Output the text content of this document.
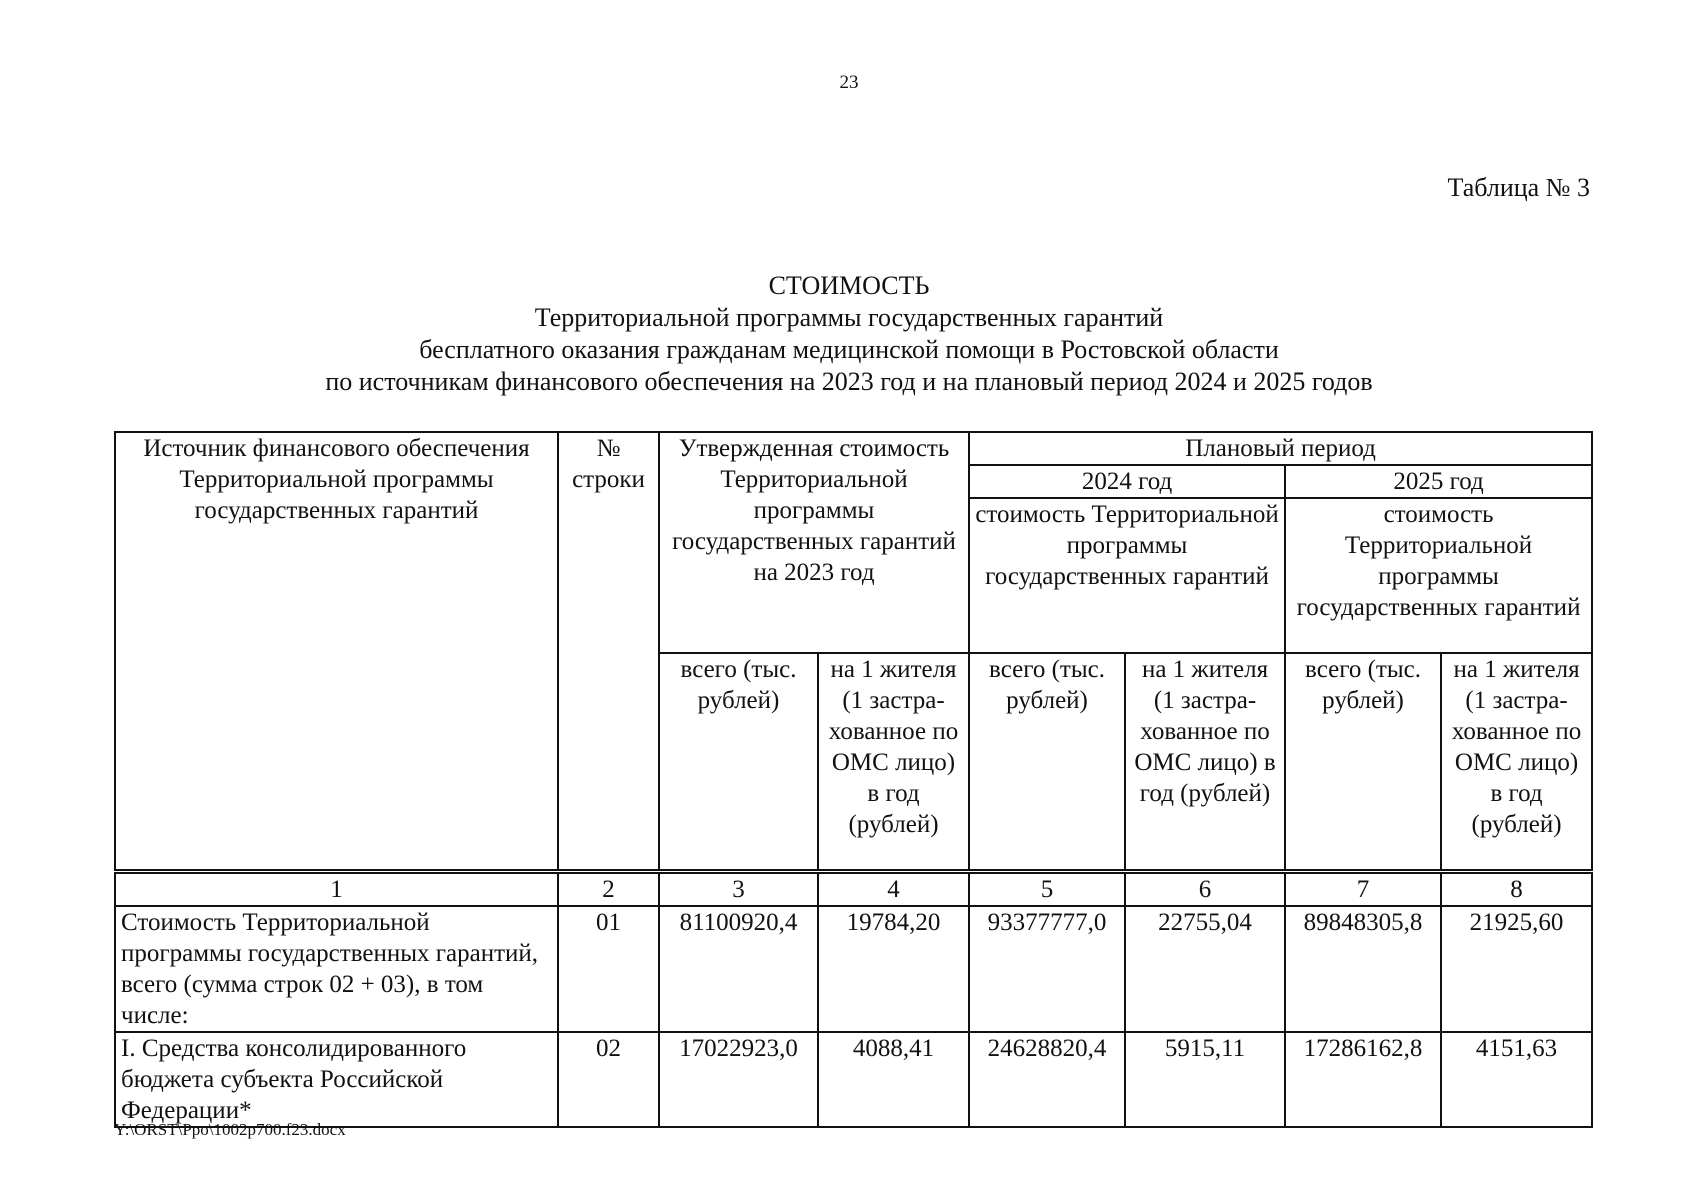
23
Таблица № 3
СТОИМОСТЬ
Территориальной программы государственных гарантий
бесплатного оказания гражданам медицинской помощи в Ростовской области
по источникам финансового обеспечения на 2023 год и на плановый период 2024 и 2025 годов
Источник финансового обеспечения Территориальной программы государственных гарантий	№ строки	Утвержденная стоимость Территориальной программы государственных гарантий на 2023 год		Плановый период			
				2024 год		2025 год	
				стоимость Территориальной программы государственных гарантий		стоимость Территориальной программы государственных гарантий	
		всего (тыс. рублей)	на 1 жителя (1 застра-хованное по ОМС лицо) в год (рублей)	всего (тыс. рублей)	на 1 жителя (1 застра-хованное по ОМС лицо) в год (рублей)	всего (тыс. рублей)	на 1 жителя (1 застра-хованное по ОМС лицо) в год (рублей)
1	2	3	4	5	6	7	8
Стоимость Территориальной программы государственных гарантий, всего (сумма строк 02 + 03), в том числе:	01	81100920,4	19784,20	93377777,0	22755,04	89848305,8	21925,60
I. Средства консолидированного бюджета субъекта Российской Федерации*	02	17022923,0	4088,41	24628820,4	5915,11	17286162,8	4151,63
Y:\ORST\Ppo\1002p700.f23.docx
